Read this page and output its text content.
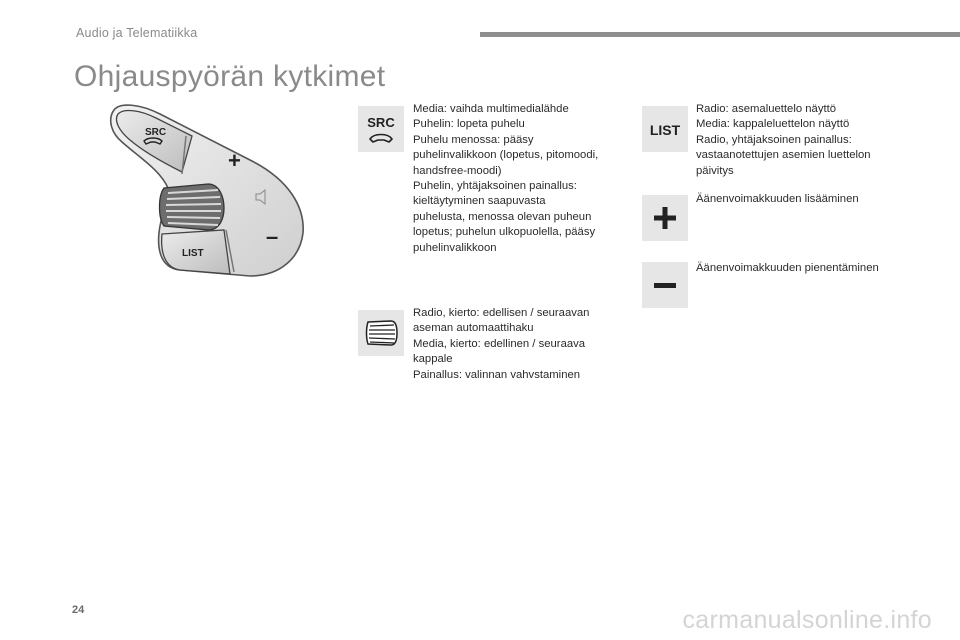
Audio ja Telematiikka
Ohjauspyörän kytkimet
SRC
+
LIST
–
SRC
Media: vaihda multimedialähde
Puhelin: lopeta puhelu
Puhelu menossa: pääsy
puhelinvalikkoon (lopetus, pitomoodi,
handsfree-moodi)
Puhelin, yhtäjaksoinen painallus:
kieltäytyminen saapuvasta
puhelusta, menossa olevan puheun
lopetus; puhelun ulkopuolella, pääsy
puhelinvalikkoon
Radio, kierto: edellisen / seuraavan
aseman automaattihaku
Media, kierto: edellinen / seuraava
kappale
Painallus: valinnan vahvstaminen
LIST
Radio: asemaluettelo näyttö
Media: kappaleluettelon näyttö
Radio, yhtäjaksoinen painallus:
vastaanotettujen asemien luettelon
päivitys
Äänenvoimakkuuden lisääminen
–
Äänenvoimakkuuden pienentäminen
24	carmanualsonline.info
